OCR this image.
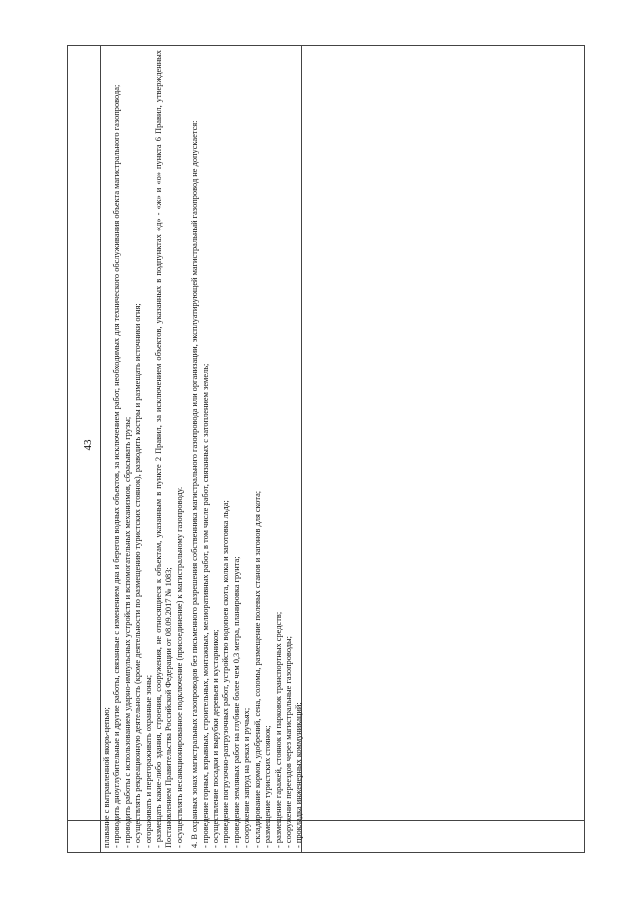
43

плавание с вытравленной якорь-цепью; - проводить дноуглубительные и другие работы, связанные с изменением дна и берегов водных объектов, за исключением работ, необходимых для технического обслуживания объекта магистрального газопровода; - проводить работы с использованием ударно-импульсных устройств и вспомогательных механизмов, сбрасывать грузы; - осуществлять рекреационную деятельность (кроме деятельности по размещению туристских стоянок), разводить костры и размещать источники огня; - огораживать и перегораживать охранные зоны; - размещать какие-либо здания, строения, сооружения, не относящиеся к объектам, указанным в пункте 2 Правил, за исключением объектов, указанных в подпунктах «д» - «ж» и «о» пункта 6 Правил, утвержденных Постановлением Правительства Российской Федерации от 08.09.2017 № 1083; - осуществлять несанкционированное подключение (присоединение) к магистральному газопроводу. 4. В охранных зонах магистральных газопроводов без письменного разрешения собственника магистрального газопровода или организации, эксплуатирующей магистральный газопровод не допускается: - проведение горных, взрывных, строительных, монтажных, мелиоративных работ, в том числе работ, связанных с затоплением земель; - осуществление посадки и вырубки деревьев и кустарников; - проведение погрузочно-разгрузочных работ, устройство водопоев скота, колка и заготовка льда; - проведение земляных работ на глубине более чем 0,3 метра, планировка грунта; - сооружение запруд на реках и ручьях; - складирование кормов, удобрений, сена, соломы, размещение полевых станов и загонов для скота; - размещение туристских стоянок; - размещение гаражей, стоянок и парковок транспортных средств; - сооружение переездов через магистральные газопроводы; - прокладка инженерных коммуникаций;
